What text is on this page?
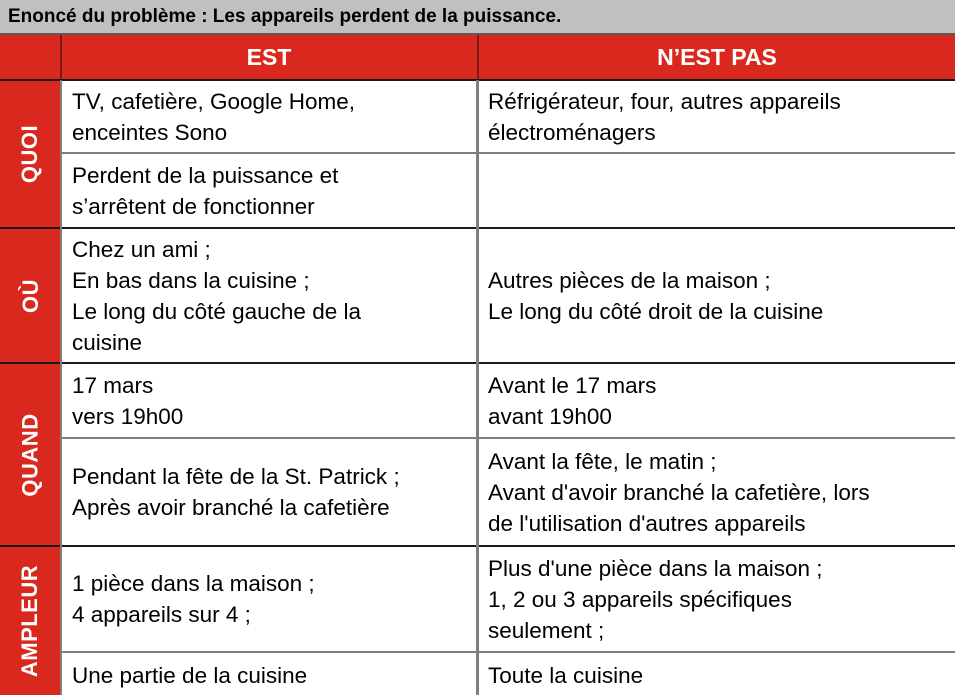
Enoncé du problème : Les appareils perdent de la puissance.
EST	N’EST PAS
QUOI
OÙ
QUAND
AMPLEUR
TV, cafetière, Google Home,
enceintes Sono
Réfrigérateur, four, autres appareils
électroménagers
Perdent de la puissance et
s’arrêtent de fonctionner
Chez un ami ;
En bas dans la cuisine ;
Le long du côté gauche de la
cuisine
Autres pièces de la maison ;
Le long du côté droit de la cuisine
17 mars
vers 19h00
Avant le 17 mars
avant 19h00
Pendant la fête de la St. Patrick ;
Après avoir branché la cafetière
Avant la fête, le matin ;
Avant d'avoir branché la cafetière, lors
de l'utilisation d'autres appareils
1 pièce dans la maison ;
4 appareils sur 4 ;
Plus d'une pièce dans la maison ;
1, 2 ou 3 appareils spécifiques
seulement ;
Une partie de la cuisine	Toute la cuisine
